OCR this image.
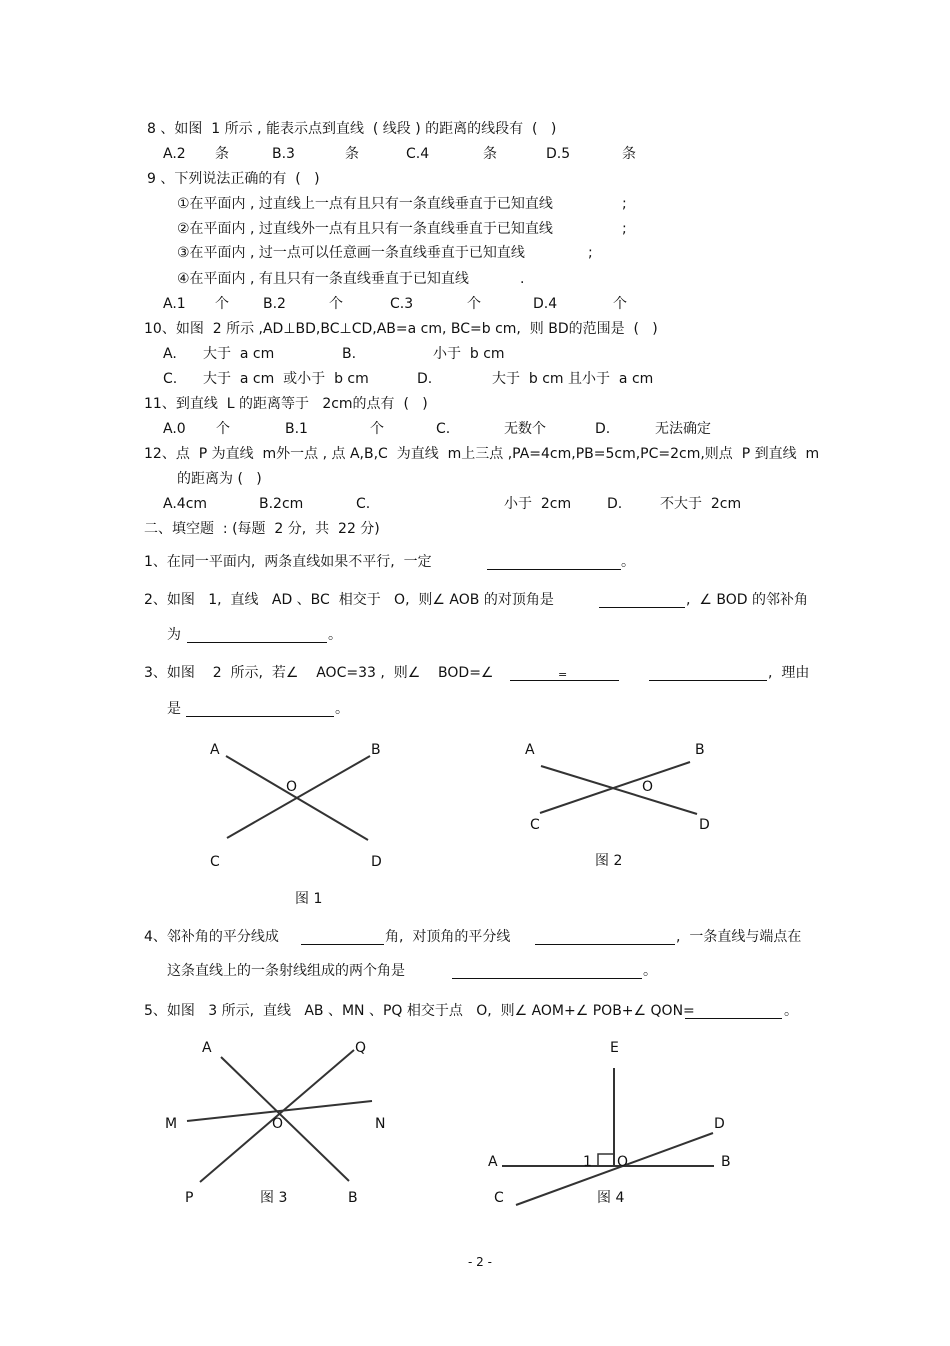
8 、如图  1 所示 , 能表示点到直线  ( 线段 ) 的距离的线段有  (   )
A.2 条	B.3	条	C.4	条	D.5	条
9 、下列说法正确的有  (   )
①在平面内 , 过直线上一点有且只有一条直线垂直于已知直线	;
②在平面内 , 过直线外一点有且只有一条直线垂直于已知直线	;
③在平面内 , 过一点可以任意画一条直线垂直于已知直线	;
④在平面内 , 有且只有一条直线垂直于已知直线	.
A.1 个 B.2	个	C.3	个	D.4	个
10、如图  2 所示 ,AD⊥BD,BC⊥CD,AB=a cm, BC=b cm,  则 BD的范围是  (   )
A. 大于  a cm	B.	小于  b cm
C. 大于  a cm  或小于  b cm	D.	大于  b cm 且小于  a cm
11、到直线  L 的距离等于   2cm的点有  (   )
A.0 个	B.1	个	C.	无数个	D.	无法确定
12、点  P 为直线  m外一点 , 点 A,B,C  为直线  m上三点 ,PA=4cm,PB=5cm,PC=2cm,则点  P 到直线  m
的距离为 (   )
A.4cm	B.2cm	C.	小于  2cm	D.	不大于  2cm
二、填空题  : (每题  2 分,  共  22 分)
1、在同一平面内,  两条直线如果不平行,  一定	。
2、如图   1,  直线   AD 、BC  相交于   O,  则∠ AOB 的对顶角是	,  ∠ BOD 的邻补角
为	。
3、如图    2  所示,  若∠    AOC=33 ,  则∠    BOD=∠	=	,  理由
是	。
A	B
O
C	D
图 1
A	B
O
C	D
图 2
A	Q
M	O	N
P	图 3	B
E
D
A	1 O	B
C	图 4
4、邻补角的平分线成	角,  对顶角的平分线	,  一条直线与端点在
这条直线上的一条射线组成的两个角是	。
5、如图   3 所示,  直线   AB 、MN 、PQ 相交于点   O,  则∠ AOM+∠ POB+∠ QON=	。
- 2 -
